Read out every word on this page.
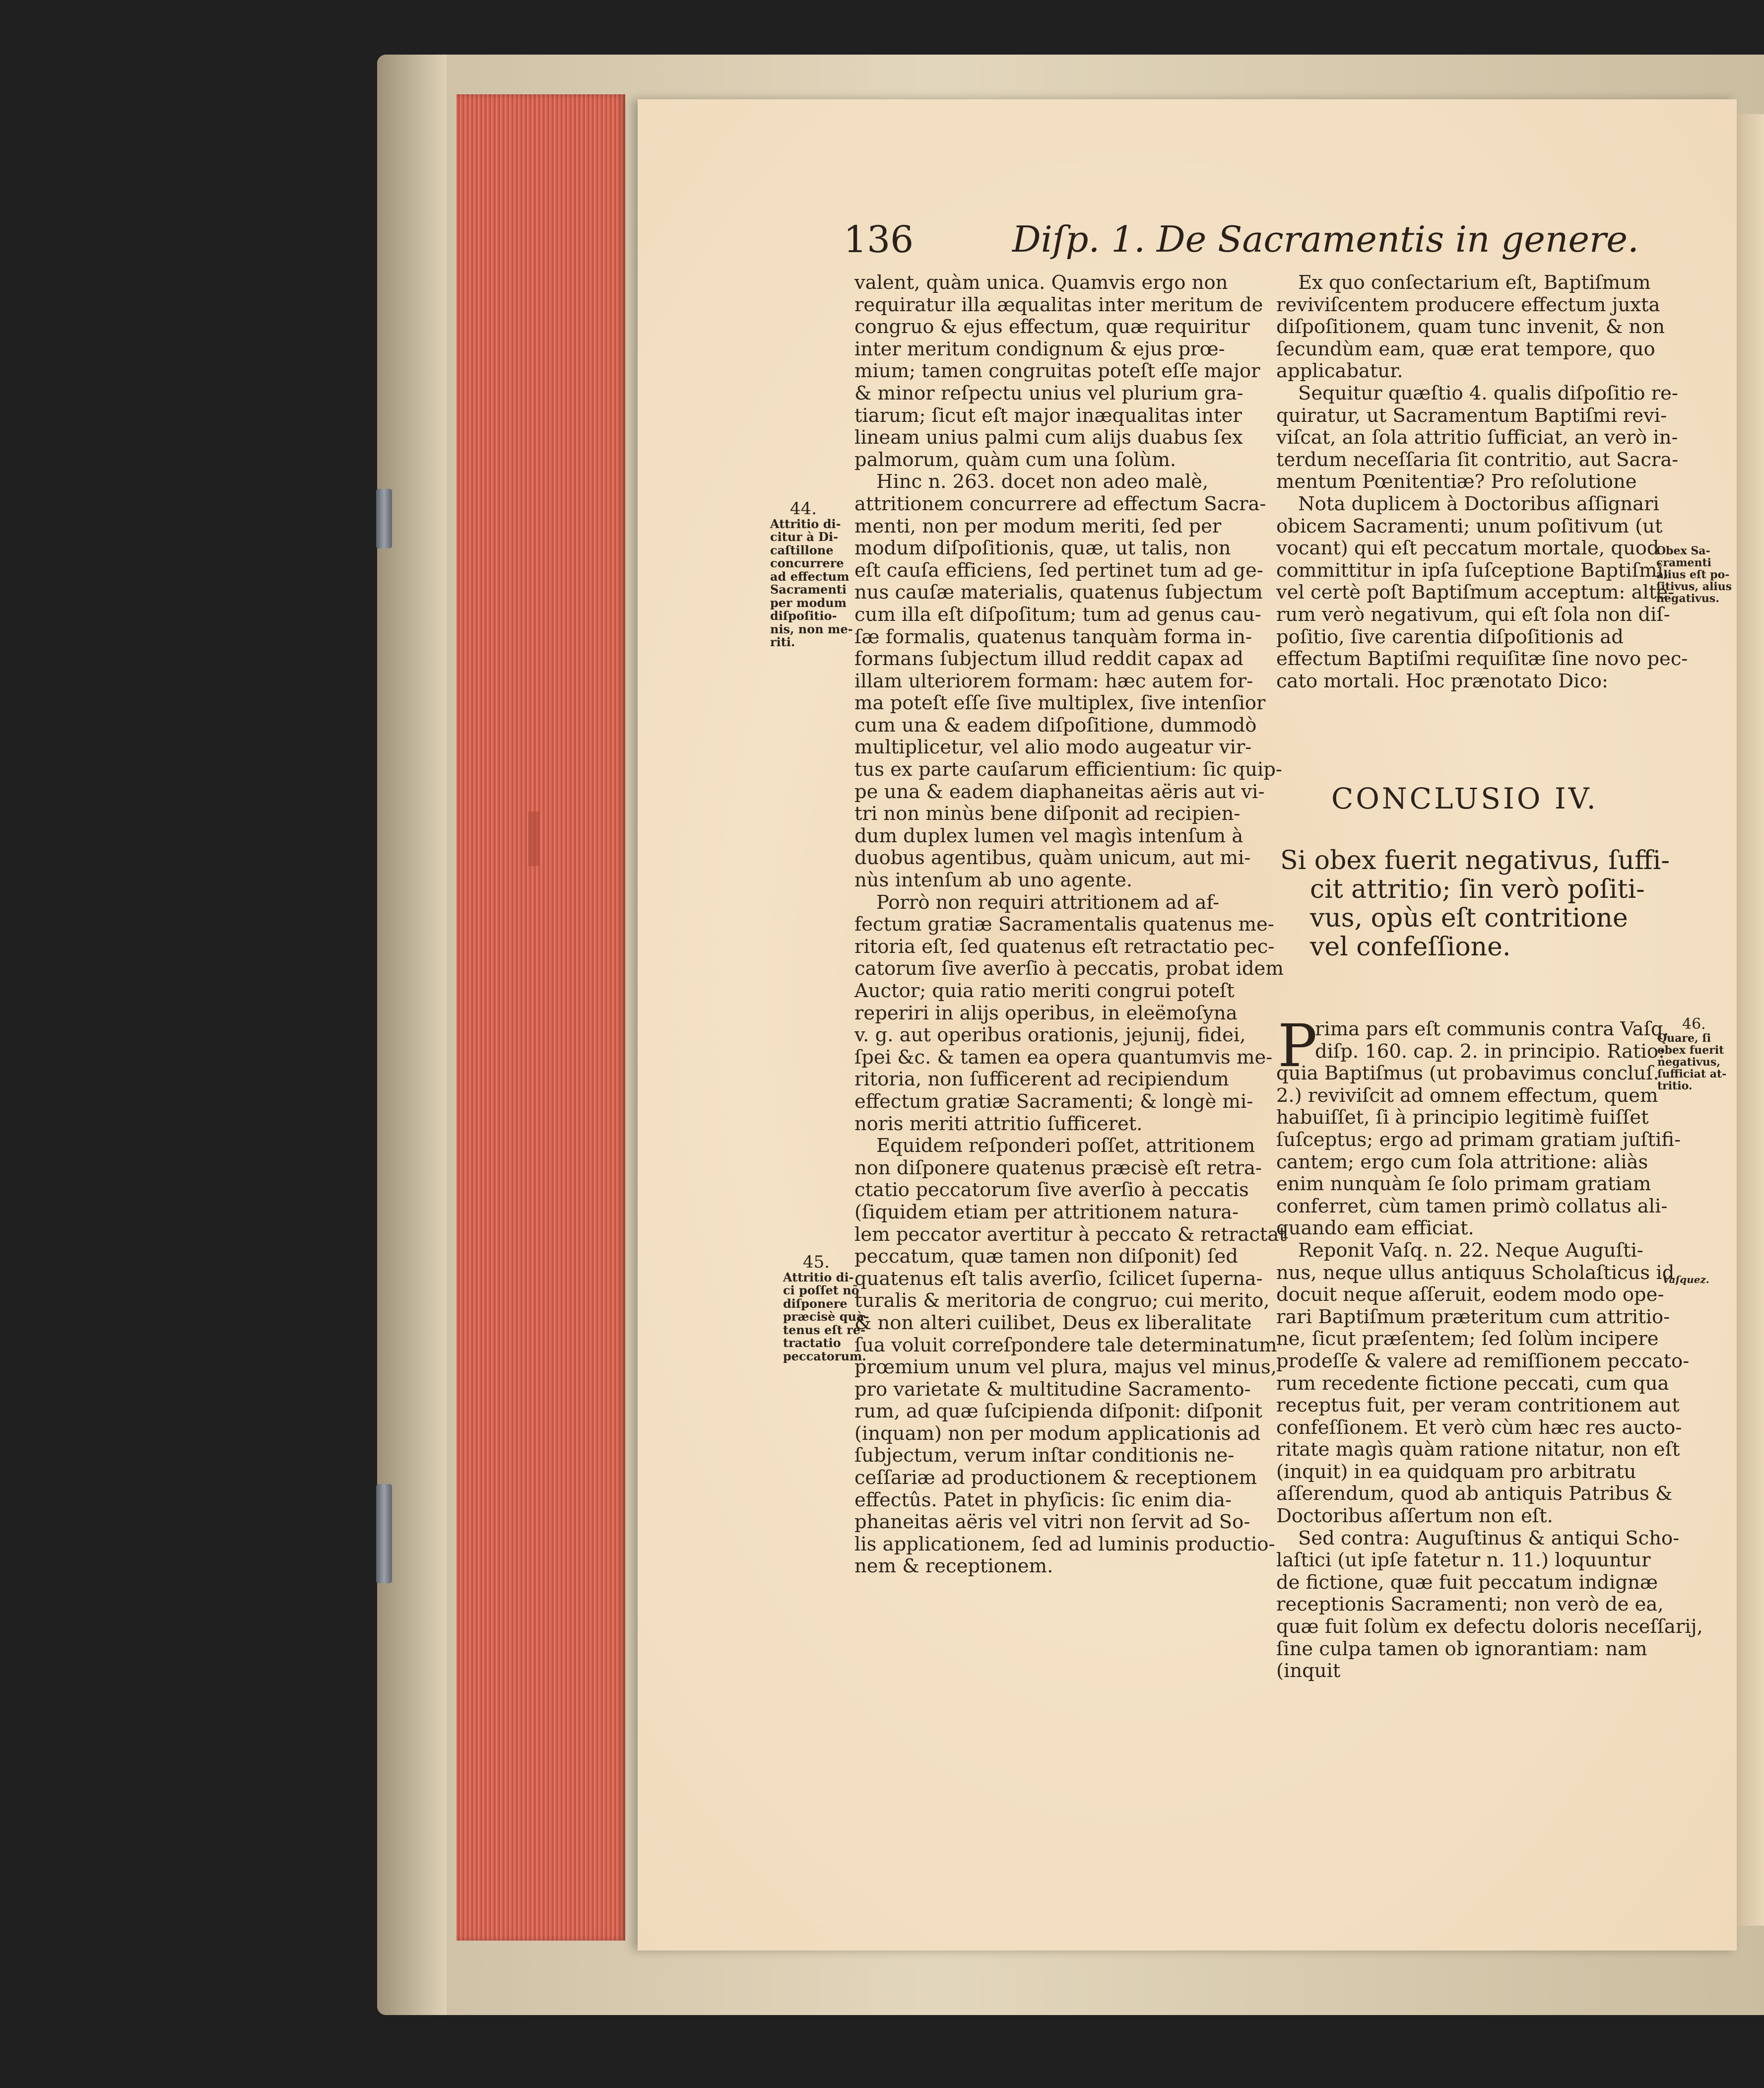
136	Diſp. 1. De Sacramentis in genere.
valent, quàm unica. Quamvis ergo non
requiratur illa æqualitas inter meritum de
congruo & ejus effectum, quæ requiritur
inter meritum condignum & ejus prœ-
mium; tamen congruitas poteſt eſſe major
& minor reſpectu unius vel plurium gra-
tiarum; ſicut eſt major inæqualitas inter
lineam unius palmi cum alijs duabus ſex
palmorum, quàm cum una ſolùm.
Hinc n. 263. docet non adeo malè,
attritionem concurrere ad effectum Sacra-
menti, non per modum meriti, ſed per
modum diſpoſitionis, quæ, ut talis, non
eſt cauſa efficiens, ſed pertinet tum ad ge-
nus cauſæ materialis, quatenus ſubjectum
cum illa eſt diſpoſitum; tum ad genus cau-
ſæ formalis, quatenus tanquàm forma in-
formans ſubjectum illud reddit capax ad
illam ulteriorem formam: hæc autem for-
ma poteſt eſſe ſive multiplex, ſive intenſior
cum una & eadem diſpoſitione, dummodò
multiplicetur, vel alio modo augeatur vir-
tus ex parte cauſarum efficientium: ſic quip-
pe una & eadem diaphaneitas aëris aut vi-
tri non minùs bene diſponit ad recipien-
dum duplex lumen vel magìs intenſum à
duobus agentibus, quàm unicum, aut mi-
nùs intenſum ab uno agente.
Porrò non requiri attritionem ad af-
fectum gratiæ Sacramentalis quatenus me-
ritoria eſt, ſed quatenus eſt retractatio pec-
catorum ſive averſio à peccatis, probat idem
Auctor; quia ratio meriti congrui poteſt
reperiri in alijs operibus, in eleëmoſyna
v. g. aut operibus orationis, jejunij, fidei,
ſpei &c. & tamen ea opera quantumvis me-
ritoria, non ſufficerent ad recipiendum
effectum gratiæ Sacramenti; & longè mi-
noris meriti attritio ſufficeret.
Equidem reſponderi poſſet, attritionem
non diſponere quatenus præcisè eſt retra-
ctatio peccatorum ſive averſio à peccatis
(ſiquidem etiam per attritionem natura-
lem peccator avertitur à peccato & retractat
peccatum, quæ tamen non diſponit) ſed
quatenus eſt talis averſio, ſcilicet ſuperna-
turalis & meritoria de congruo; cui merito,
& non alteri cuilibet, Deus ex liberalitate
ſua voluit correſpondere tale determinatum
prœmium unum vel plura, majus vel minus,
pro varietate & multitudine Sacramento-
rum, ad quæ ſuſcipienda diſponit: diſponit
(inquam) non per modum applicationis ad
ſubjectum, verum inſtar conditionis ne-
ceſſariæ ad productionem & receptionem
effectûs. Patet in phyſicis: ſic enim dia-
phaneitas aëris vel vitri non ſervit ad So-
lis applicationem, ſed ad luminis productio-
nem & receptionem.
Ex quo conſectarium eſt, Baptiſmum
reviviſcentem producere effectum juxta
diſpoſitionem, quam tunc invenit, & non
ſecundùm eam, quæ erat tempore, quo
applicabatur.
Sequitur quæſtio 4. qualis diſpoſitio re-
quiratur, ut Sacramentum Baptiſmi revi-
viſcat, an ſola attritio ſufficiat, an verò in-
terdum neceſſaria ſit contritio, aut Sacra-
mentum Pœnitentiæ? Pro reſolutione
Nota duplicem à Doctoribus aſſignari
obicem Sacramenti; unum poſitivum (ut
vocant) qui eſt peccatum mortale, quod
committitur in ipſa ſuſceptione Baptiſmi,
vel certè poſt Baptiſmum acceptum: alte-
rum verò negativum, qui eſt ſola non diſ-
poſitio, ſive carentia diſpoſitionis ad
effectum Baptiſmi requiſitæ ſine novo pec-
cato mortali. Hoc prænotato Dico:
CONCLUSIO IV.
Si obex fuerit negativus, ſuffi-
cit attritio; ſin verò poſiti-
vus, opùs eſt contritione
vel confeſſione.
P
rima pars eſt communis contra Vaſq.
diſp. 160. cap. 2. in principio. Ratio:
quia Baptiſmus (ut probavimus concluſ.
2.) reviviſcit ad omnem effectum, quem
habuiſſet, ſi à principio legitimè fuiſſet
ſuſceptus; ergo ad primam gratiam juſtifi-
cantem; ergo cum ſola attritione: aliàs
enim nunquàm ſe ſolo primam gratiam
conferret, cùm tamen primò collatus ali-
quando eam efficiat.
Reponit Vaſq. n. 22. Neque Auguſti-
nus, neque ullus antiquus Scholaſticus id
docuit neque aſſeruit, eodem modo ope-
rari Baptiſmum præteritum cum attritio-
ne, ſicut præſentem; ſed ſolùm incipere
prodeſſe & valere ad remiſſionem peccato-
rum recedente fictione peccati, cum qua
receptus fuit, per veram contritionem aut
confeſſionem. Et verò cùm hæc res aucto-
ritate magìs quàm ratione nitatur, non eſt
(inquit) in ea quidquam pro arbitratu
aſſerendum, quod ab antiquis Patribus &
Doctoribus aſſertum non eſt.
Sed contra: Auguſtinus & antiqui Scho-
laſtici (ut ipſe fatetur n. 11.) loquuntur
de fictione, quæ fuit peccatum indignæ
receptionis Sacramenti; non verò de ea,
quæ fuit ſolùm ex defectu doloris neceſſarij,
ſine culpa tamen ob ignorantiam: nam
(inquit
44.
Attritio di-
citur à Di-
caſtillone
concurrere
ad effectum
Sacramenti
per modum
diſpoſitio-
nis, non me-
riti.
45.
Attritio di-
ci poſſet nõ
diſponere
præcisè quà-
tenus eſt re-
tractatio
peccatorum.
Obex Sa-
cramenti
alius eſt po-
ſitivus, alius
negativus.
46.
Quare, ſi
obex fuerit
negativus,
ſufficiat at-
tritio.
Vaſquez.
